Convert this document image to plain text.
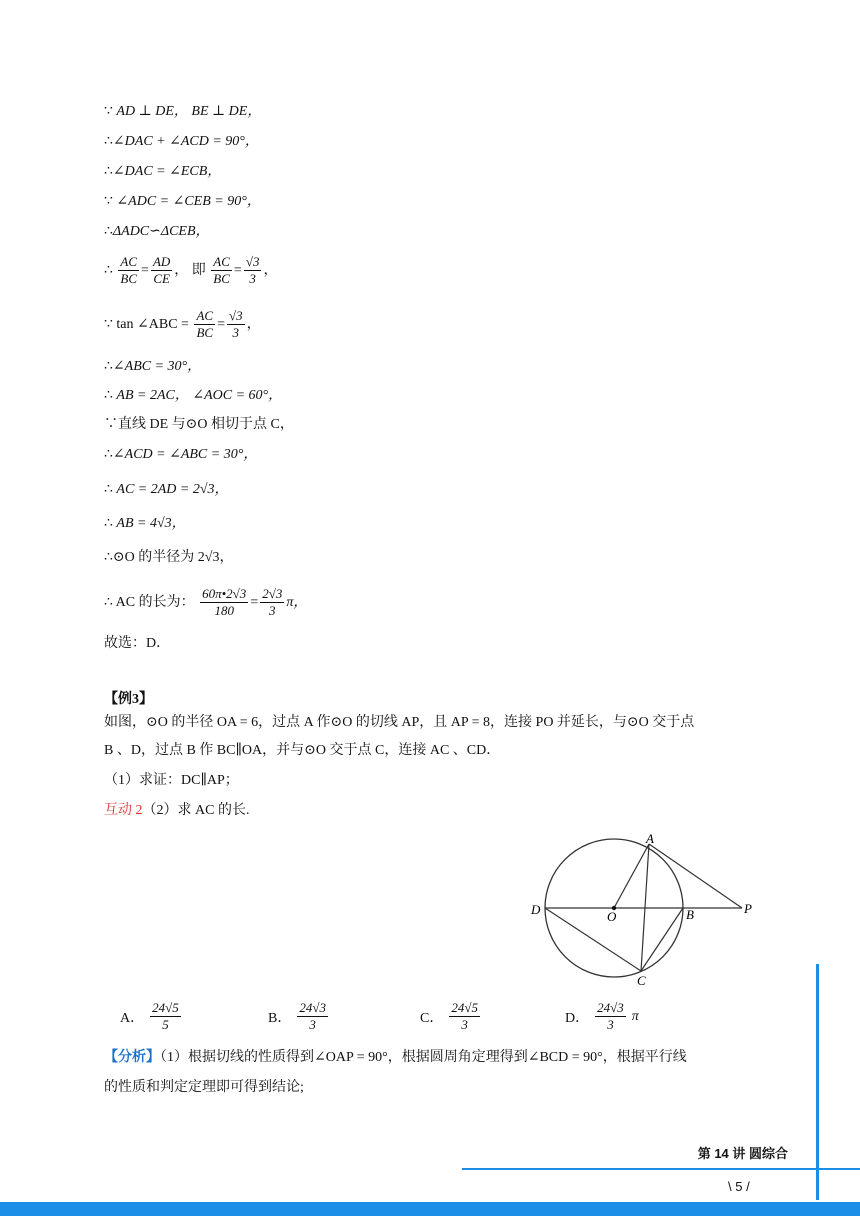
∵ AD ⊥ DE， BE ⊥ DE，
∴∠DAC + ∠ACD = 90°，
∴∠DAC = ∠ECB，
∵ ∠ADC = ∠CEB = 90°，
∴ΔADC∽ΔCEB，
∴ $\frac{AC}{BC} = \frac{AD}{CE}$ ， 即 $\frac{AC}{BC} = \frac{√3}{3}$ ，
∵ tan ∠ABC = $\frac{AC}{BC} = \frac{√3}{3}$ ，
∴∠ABC = 30°，
∴ AB = 2AC， ∠AOC = 60°，
∵直线 DE 与⊙O 相切于点 C，
∴∠ACD = ∠ABC = 30°，
∴ AC = 2AD = 2√3，
∴ AB = 4√3，
∴⊙O 的半径为 2√3，
∴ AC 的长为： $\frac{60\pi•2√3}{180} = \frac{2√3}{3}$ π，
故选：D．
【例3】
如图，⊙O 的半径 OA = 6，过点 A 作⊙O 的切线 AP，且 AP = 8，连接 PO 并延长，与⊙O 交于点
B 、D，过点 B 作 BC∥OA，并与⊙O 交于点 C，连接 AC 、CD．
（1）求证：DC∥AP；
互动 2（2）求 AC 的长.
A
B
C
D	O
P
A． $\frac{24√5}{5}$	B． $\frac{24√3}{3}$	C． $\frac{24√5}{3}$	D． $\frac{24√3}{3}$ π
【分析】（1）根据切线的性质得到∠OAP = 90°，根据圆周角定理得到∠BCD = 90°，根据平行线
的性质和判定定理即可得到结论;
第 14 讲 圆综合
\ 5 /
